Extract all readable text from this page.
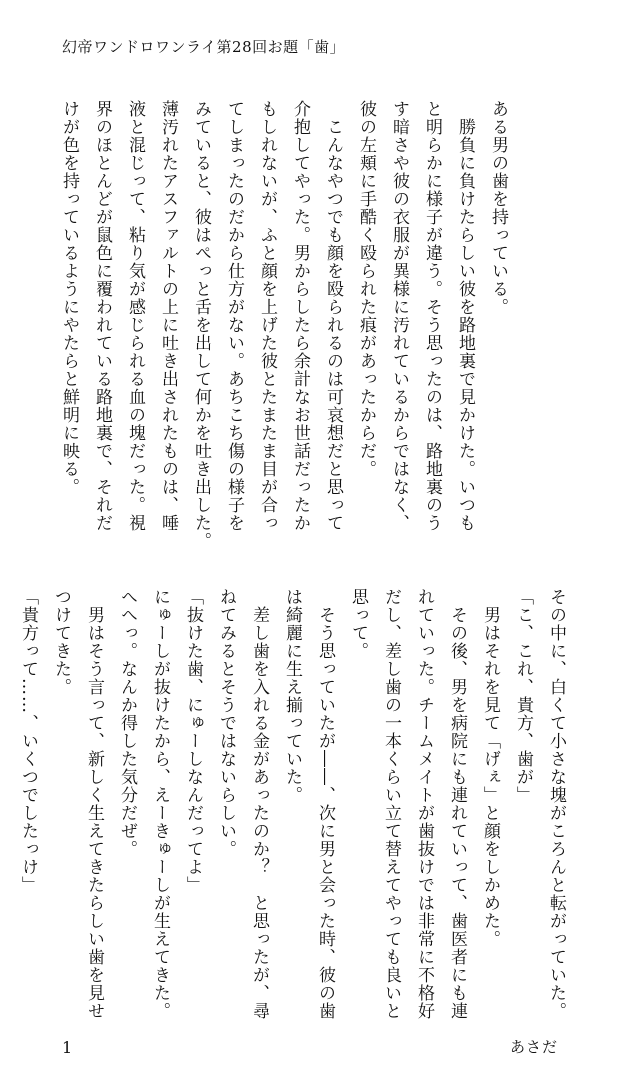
幻帝ワンドロワンライ第28回お題「歯」
ある男の歯を持っている。
　勝負に負けたらしい彼を路地裏で見かけた。いつも
と明らかに様子が違う。そう思ったのは、路地裏のう
す暗さや彼の衣服が異様に汚れているからではなく、
彼の左頬に手酷く殴られた痕があったからだ。
　こんなやつでも顔を殴られるのは可哀想だと思って
介抱してやった。男からしたら余計なお世話だったか
もしれないが、ふと顔を上げた彼とたまたま目が合っ
てしまったのだから仕方がない。あちこち傷の様子を
みていると、彼はぺっと舌を出して何かを吐き出した。
薄汚れたアスファルトの上に吐き出されたものは、唾
液と混じって、粘り気が感じられる血の塊だった。視
界のほとんどが鼠色に覆われている路地裏で、それだ
けが色を持っているようにやたらと鮮明に映る。
その中に、白くて小さな塊がころんと転がっていた。
「こ、これ、貴方、歯が」
　男はそれを見て「げぇ」と顔をしかめた。
　その後、男を病院にも連れていって、歯医者にも連
れていった。チームメイトが歯抜けでは非常に不格好
だし、差し歯の一本くらい立て替えてやっても良いと
思って。
　そう思っていたが――、次に男と会った時、彼の歯
は綺麗に生え揃っていた。
　差し歯を入れる金があったのか？　と思ったが、尋
ねてみるとそうではないらしい。
「抜けた歯、にゅーしなんだってよ」
にゅーしが抜けたから、えーきゅーしが生えてきた。
へへっ。なんか得した気分だぜ。
　男はそう言って、新しく生えてきたらしい歯を見せ
つけてきた。
「貴方って……、いくつでしたっけ」
1	あさだ
